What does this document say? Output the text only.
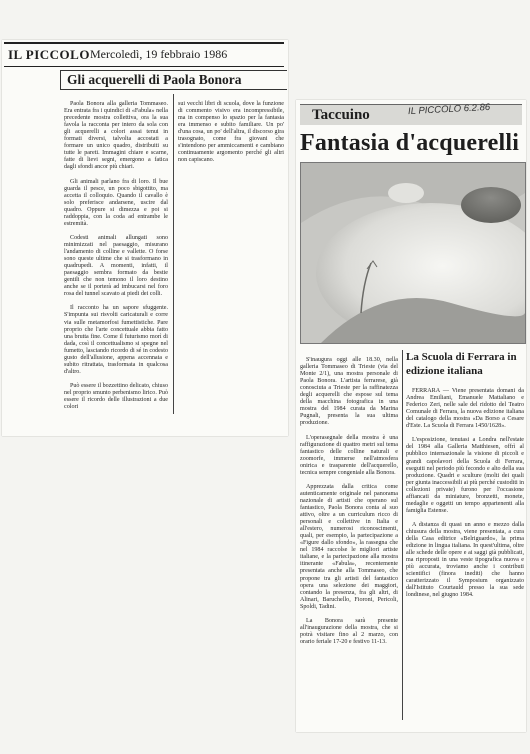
IL PICCOLO Mercoledì, 19 febbraio 1986
Gli acquerelli di Paola Bonora

Paola Bonora alla galleria Tommaseo. Era entrata fra i quindici di «Fabula» nella precedente mostra collettiva, ora la sua favola la racconta per intero da sola con gli acquerelli a colori assai tenui in formati diversi, talvolta accostati a formare un unico quadro, distribuiti su tutte le pareti. Immagini chiare e scarne, fatte di lievi segni, emergono a fatica dagli sfondi ancor più chiari.

Gli animali parlano fra di loro. Il bue guarda il pesce, un poco sbigottito, ma accetta il colloquio. Quando il cavallo è solo preferisce andarsene, uscire dal quadro. Oppure si dimezza e poi si raddoppia, con la coda ad entrambe le estremità.

Codesti animali allungati sono minimizzati nel paesaggio, misurano l'andamento di colline e vallette. O forse sono queste ultime che si trasformano in quadrupedi. A momenti, infatti, il paesaggio sembra formato da bestie gentili che non temono il loro destino anche se il porterà ad imbucarsi nel foro rosa del tunnel scavato ai piedi dei colli.

Il racconto ha un sapore sfuggente. S'impunta sui risvolti caricaturali e corre via sulle metamorfosi fumettistiche. Pare proprio che l'arte concettuale abbia fatto una brutta fine. Come il futurismo morì di dada, così il concettualismo si spegne nel fumetto, lasciando ricordo di sé in codesto gusto dell'allusione, appena accennata e subito ritrattata, trasformata in qualcosa d'altro.

Può essere il bozzettino delicato, chiuso nel proprio smunto perbenismo lirico. Può essere il ricordo delle illustrazioni a due colori

sui vecchi libri di scuola, dove la funzione di commento visivo era incompressibile, ma in compenso lo spazio per la fantasia era immenso e subito familiare. Un po' d'una cosa, un po' dell'altra, il discorso gira trasognato, come fra giovani che s'intendono per ammiccamenti e cambiano continuamente argomento perché gli altri non capiscano.

Taccuino	IL PICCOLO 6.2.86
Fantasia d'acquerelli

S'inaugura oggi alle 18.30, nella galleria Tommaseo di Trieste (via del Monte 2/1), una mostra personale di Paola Bonora. L'artista ferrarese, già conosciuta a Trieste per la raffinatezza degli acquerelli che espose sul tema della macchina fotografica in una mostra del 1984 curata da Marina Pugnali, presenta la sua ultima produzione.

L'operasegnale della mostra è una raffigurazione di quattro metri sul tema fantastico delle colline naturali e zoomorfe, immerse nell'atmosfera onirica e trasparente dell'acquerello, tecnica sempre congeniale alla Bonora.

Apprezzata dalla critica come autenticamente originale nel panorama nazionale di artisti che operano sul fantastico, Paola Bonora conta al suo attivo, oltre a un curriculum ricco di personali e collettive in Italia e all'estero, numerosi riconoscimenti, quali, per esempio, la partecipazione a «Figure dallo sfondo», la rassegna che nel 1984 raccolse le migliori artiste italiane, e la partecipazione alla mostra itinerante «Fabula», recentemente presentata anche alla Tommaseo, che propone tra gli artisti del fantastico opera una selezione dei maggiori, contando la presenza, fra gli altri, di Alinari, Baruchello, Fioroni, Pericoli, Spoldi, Tadini.

La Bonora sarà presente all'inaugurazione della mostra, che si potrà visitare fino al 2 marzo, con orario feriale 17-20 e festivo 11-13.

La Scuola di Ferrara in edizione italiana

FERRARA — Viene presentata domani da Andrea Emiliani, Emanuele Mattaliano e Federico Zeri, nelle sale del ridotto del Teatro Comunale di Ferrara, la nuova edizione italiana del catalogo della mostra «Da Borso a Cesare d'Este. La Scuola di Ferrara 1450/1628».

L'esposizione, tenutasi a Londra nell'estate del 1984 alla Galleria Matthiesen, offrì al pubblico internazionale la visione di piccoli e grandi capolavori della Scuola di Ferrara, eseguiti nel periodo più fecondo e alto della sua produzione. Quadri e sculture (molti dei quali per giunta inaccessibili ai più perché custoditi in collezioni private) furono per l'occasione affiancati da miniature, bronzetti, monete, medaglie e oggetti un tempo appartenenti alla famiglia Estense.

A distanza di quasi un anno e mezzo dalla chiusura della mostra, viene presentata, a cura della Casa editrice «Belriguardo», la prima edizione in lingua italiana. In quest'ultima, oltre alle schede delle opere e ai saggi già pubblicati, ma riproposti in una veste tipografica nuova e più accurata, troviamo anche i contributi scientifici (finora inediti) che hanno caratterizzato il Symposium organizzato dall'Istituto Courtauld presso la sua sede londinese, nel giugno 1984.
